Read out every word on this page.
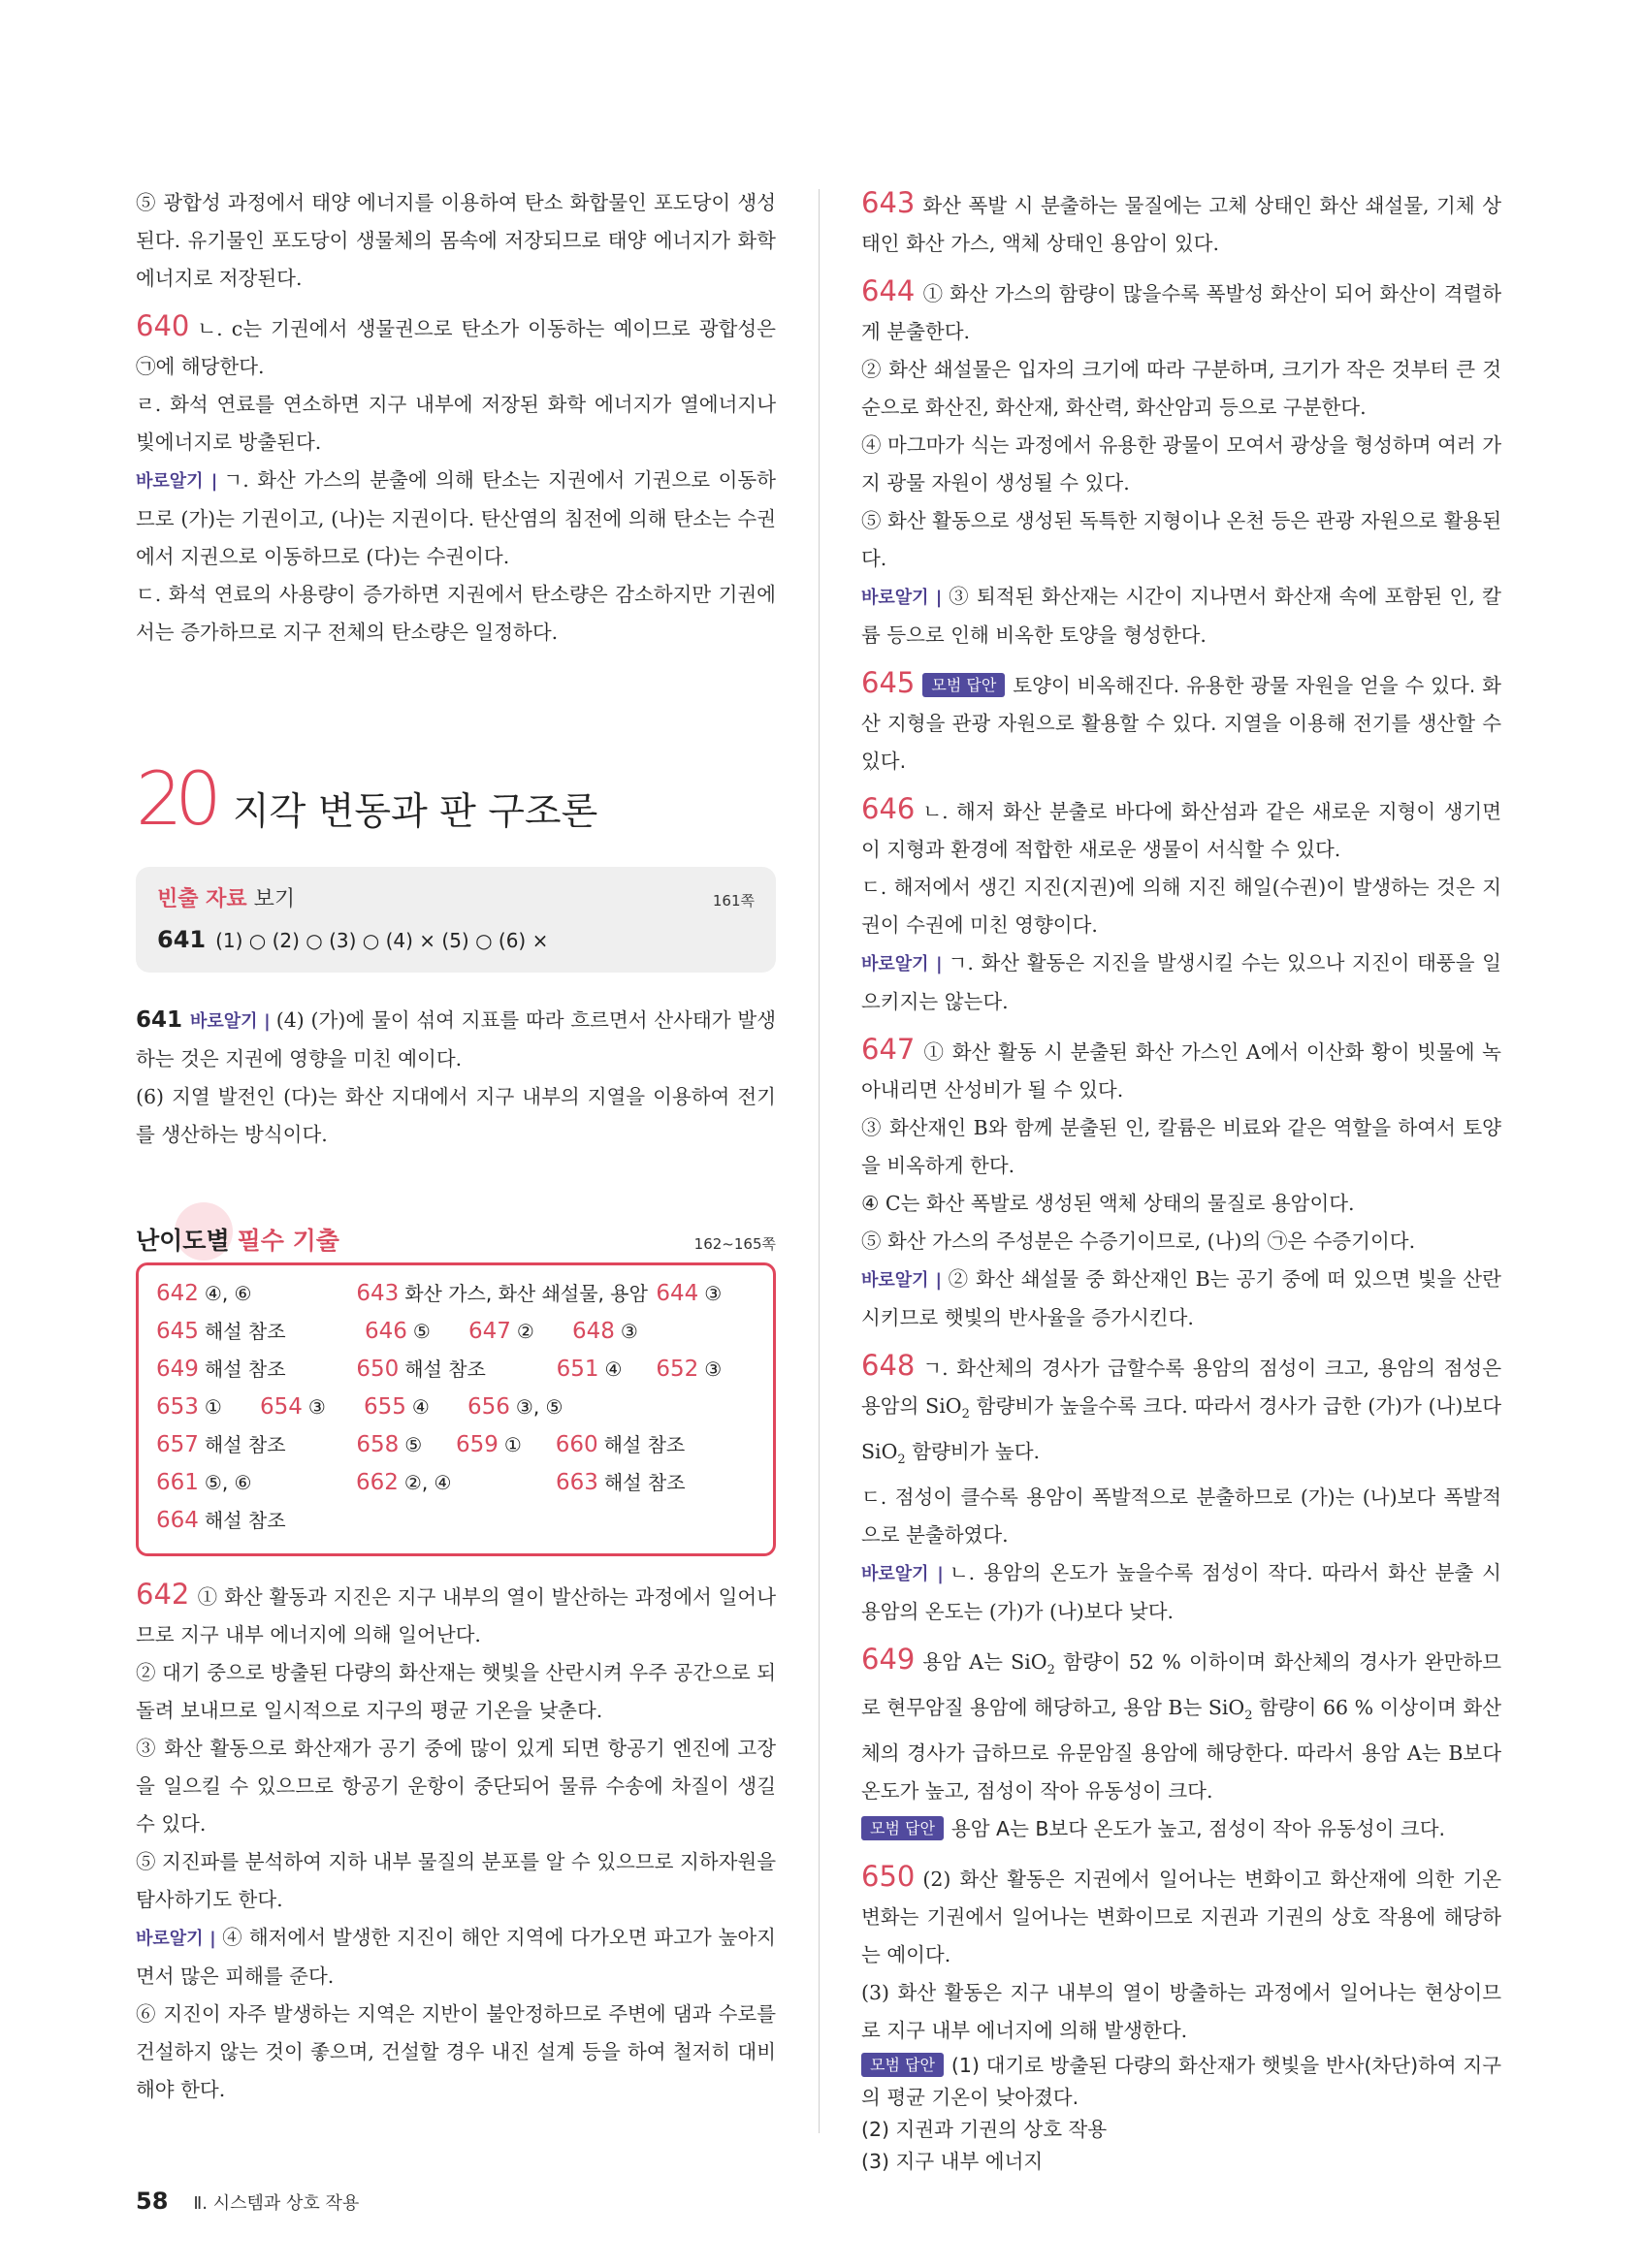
⑤ 광합성 과정에서 태양 에너지를 이용하여 탄소 화합물인 포도당이 생성된다. 유기물인 포도당이 생물체의 몸속에 저장되므로 태양 에너지가 화학 에너지로 저장된다.

640 ㄴ. c는 기권에서 생물권으로 탄소가 이동하는 예이므로 광합성은 ㉠에 해당한다.

ㄹ. 화석 연료를 연소하면 지구 내부에 저장된 화학 에너지가 열에너지나 빛에너지로 방출된다.

바로알기 | ㄱ. 화산 가스의 분출에 의해 탄소는 지권에서 기권으로 이동하므로 (가)는 기권이고, (나)는 지권이다. 탄산염의 침전에 의해 탄소는 수권에서 지권으로 이동하므로 (다)는 수권이다.

ㄷ. 화석 연료의 사용량이 증가하면 지권에서 탄소량은 감소하지만 기권에서는 증가하므로 지구 전체의 탄소량은 일정하다.

20 지각 변동과 판 구조론
빈출 자료 보기	161쪽
641 (1) ○ (2) ○ (3) ○ (4) × (5) ○ (6) ×

641 바로알기 | (4) (가)에 물이 섞여 지표를 따라 흐르면서 산사태가 발생하는 것은 지권에 영향을 미친 예이다.

(6) 지열 발전인 (다)는 화산 지대에서 지구 내부의 지열을 이용하여 전기를 생산하는 방식이다.

난이도별 필수 기출	162~165쪽
642 ④, ⑥	643 화산 가스, 화산 쇄설물, 용암 644 ③
645 해설 참조	646 ⑤	647 ②	648 ③
649 해설 참조	650 해설 참조	651 ④	652 ③
653 ①	654 ③	655 ④	656 ③, ⑤
657 해설 참조	658 ⑤	659 ①	660 해설 참조
661 ⑤, ⑥	662 ②, ④	663 해설 참조
664 해설 참조

642 ① 화산 활동과 지진은 지구 내부의 열이 발산하는 과정에서 일어나므로 지구 내부 에너지에 의해 일어난다.

② 대기 중으로 방출된 다량의 화산재는 햇빛을 산란시켜 우주 공간으로 되돌려 보내므로 일시적으로 지구의 평균 기온을 낮춘다.

③ 화산 활동으로 화산재가 공기 중에 많이 있게 되면 항공기 엔진에 고장을 일으킬 수 있으므로 항공기 운항이 중단되어 물류 수송에 차질이 생길 수 있다.

⑤ 지진파를 분석하여 지하 내부 물질의 분포를 알 수 있으므로 지하자원을 탐사하기도 한다.

바로알기 | ④ 해저에서 발생한 지진이 해안 지역에 다가오면 파고가 높아지면서 많은 피해를 준다.

⑥ 지진이 자주 발생하는 지역은 지반이 불안정하므로 주변에 댐과 수로를 건설하지 않는 것이 좋으며, 건설할 경우 내진 설계 등을 하여 철저히 대비해야 한다.

643 화산 폭발 시 분출하는 물질에는 고체 상태인 화산 쇄설물, 기체 상태인 화산 가스, 액체 상태인 용암이 있다.

644 ① 화산 가스의 함량이 많을수록 폭발성 화산이 되어 화산이 격렬하게 분출한다.

② 화산 쇄설물은 입자의 크기에 따라 구분하며, 크기가 작은 것부터 큰 것 순으로 화산진, 화산재, 화산력, 화산암괴 등으로 구분한다.

④ 마그마가 식는 과정에서 유용한 광물이 모여서 광상을 형성하며 여러 가지 광물 자원이 생성될 수 있다.

⑤ 화산 활동으로 생성된 독특한 지형이나 온천 등은 관광 자원으로 활용된다.

바로알기 | ③ 퇴적된 화산재는 시간이 지나면서 화산재 속에 포함된 인, 칼륨 등으로 인해 비옥한 토양을 형성한다.

645 모범 답안 토양이 비옥해진다. 유용한 광물 자원을 얻을 수 있다. 화산 지형을 관광 자원으로 활용할 수 있다. 지열을 이용해 전기를 생산할 수 있다.

646 ㄴ. 해저 화산 분출로 바다에 화산섬과 같은 새로운 지형이 생기면 이 지형과 환경에 적합한 새로운 생물이 서식할 수 있다.

ㄷ. 해저에서 생긴 지진(지권)에 의해 지진 해일(수권)이 발생하는 것은 지권이 수권에 미친 영향이다.

바로알기 | ㄱ. 화산 활동은 지진을 발생시킬 수는 있으나 지진이 태풍을 일으키지는 않는다.

647 ① 화산 활동 시 분출된 화산 가스인 A에서 이산화 황이 빗물에 녹아내리면 산성비가 될 수 있다.

③ 화산재인 B와 함께 분출된 인, 칼륨은 비료와 같은 역할을 하여서 토양을 비옥하게 한다.

④ C는 화산 폭발로 생성된 액체 상태의 물질로 용암이다.

⑤ 화산 가스의 주성분은 수증기이므로, (나)의 ㉠은 수증기이다.

바로알기 | ② 화산 쇄설물 중 화산재인 B는 공기 중에 떠 있으면 빛을 산란시키므로 햇빛의 반사율을 증가시킨다.

648 ㄱ. 화산체의 경사가 급할수록 용암의 점성이 크고, 용암의 점성은 용암의 SiO$_2$ 함량비가 높을수록 크다. 따라서 경사가 급한 (가)가 (나)보다 SiO$_2$ 함량비가 높다.

ㄷ. 점성이 클수록 용암이 폭발적으로 분출하므로 (가)는 (나)보다 폭발적으로 분출하였다.

바로알기 | ㄴ. 용암의 온도가 높을수록 점성이 작다. 따라서 화산 분출 시 용암의 온도는 (가)가 (나)보다 낮다.

649 용암 A는 SiO$_2$ 함량이 52 % 이하이며 화산체의 경사가 완만하므로 현무암질 용암에 해당하고, 용암 B는 SiO$_2$ 함량이 66 % 이상이며 화산체의 경사가 급하므로 유문암질 용암에 해당한다. 따라서 용암 A는 B보다 온도가 높고, 점성이 작아 유동성이 크다.

모범 답안 용암 A는 B보다 온도가 높고, 점성이 작아 유동성이 크다.

650 (2) 화산 활동은 지권에서 일어나는 변화이고 화산재에 의한 기온 변화는 기권에서 일어나는 변화이므로 지권과 기권의 상호 작용에 해당하는 예이다.

(3) 화산 활동은 지구 내부의 열이 방출하는 과정에서 일어나는 현상이므로 지구 내부 에너지에 의해 발생한다.

모범 답안 (1) 대기로 방출된 다량의 화산재가 햇빛을 반사(차단)하여 지구의 평균 기온이 낮아졌다.

(2) 지권과 기권의 상호 작용

(3) 지구 내부 에너지

58 Ⅱ. 시스템과 상호 작용
